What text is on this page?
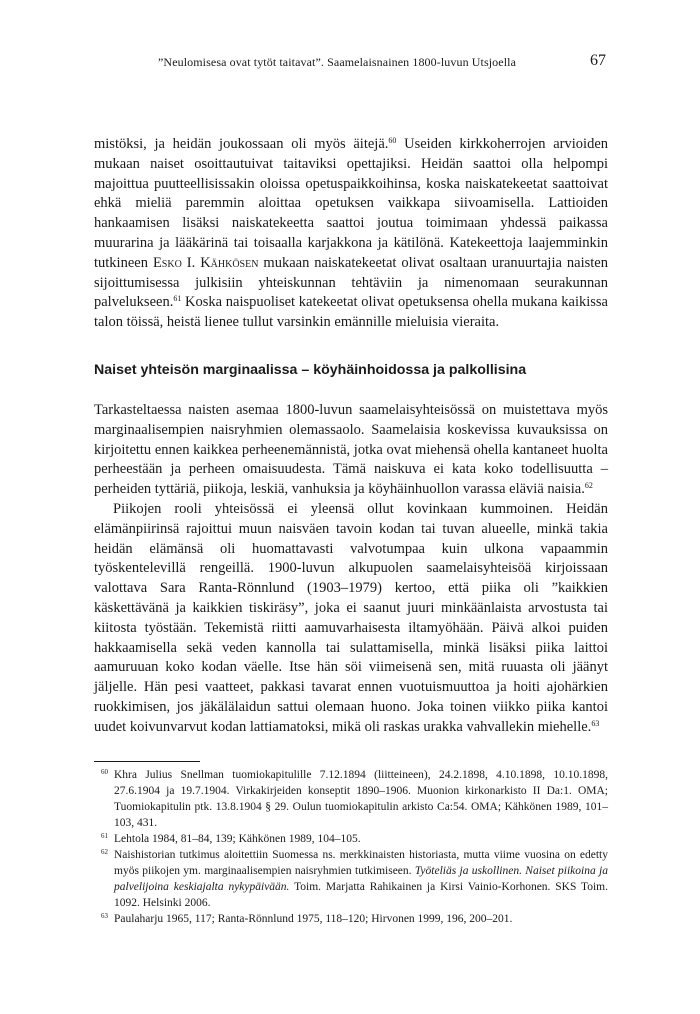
”Neulomisesa ovat tytöt taitavat”. Saamelaisnainen 1800-luvun Utsjoella	67

mistöksi, ja heidän joukossaan oli myös äitejä.$^{60}$ Useiden kirkkoherrojen arvioiden mukaan naiset osoittautuivat taitaviksi opettajiksi. Heidän saattoi olla helpompi majoittua puutteellisissakin oloissa opetuspaikkoihinsa, koska naiskatekeetat saattoivat ehkä mieliä paremmin aloittaa opetuksen vaikkapa siivoamisella. Lattioiden hankaamisen lisäksi naiskatekeetta saattoi joutua toimimaan yhdessä paikassa muurarina ja lääkärinä tai toisaalla karjakkona ja kätilönä. Katekeettoja laajemminkin tutkineen Esko I. Kähkösen mukaan naiskatekeetat olivat osaltaan uranuurtajia naisten sijoittumisessa julkisiin yhteiskunnan tehtäviin ja nimenomaan seurakunnan palvelukseen.$^{61}$ Koska naispuoliset katekeetat olivat opetuksensa ohella mukana kaikissa talon töissä, heistä lienee tullut varsinkin emännille mieluisia vieraita.

Naiset yhteisön marginaalissa – köyhäinhoidossa ja palkollisina

Tarkasteltaessa naisten asemaa 1800-luvun saamelaisyhteisössä on muistettava myös marginaalisempien naisryhmien olemassaolo. Saamelaisia koskevissa kuvauksissa on kirjoitettu ennen kaikkea perheenemännistä, jotka ovat miehensä ohella kantaneet huolta perheestään ja perheen omaisuudesta. Tämä naiskuva ei kata koko todellisuutta – perheiden tyttäriä, piikoja, leskiä, vanhuksia ja köyhäinhuollon varassa eläviä naisia.$^{62}$

Piikojen rooli yhteisössä ei yleensä ollut kovinkaan kummoinen. Heidän elämänpiirinsä rajoittui muun naisväen tavoin kodan tai tuvan alueelle, minkä takia heidän elämänsä oli huomattavasti valvotumpaa kuin ulkona vapaammin työskentelevillä rengeillä. 1900-luvun alkupuolen saamelaisyhteisöä kirjoissaan valottava Sara Ranta-Rönnlund (1903–1979) kertoo, että piika oli ”kaikkien käskettävänä ja kaikkien tiskiräsy”, joka ei saanut juuri minkäänlaista arvostusta tai kiitosta työstään. Tekemistä riitti aamuvarhaisesta iltamyöhään. Päivä alkoi puiden hakkaamisella sekä veden kannolla tai sulattamisella, minkä lisäksi piika laittoi aamuruuan koko kodan väelle. Itse hän söi viimeisenä sen, mitä ruuasta oli jäänyt jäljelle. Hän pesi vaatteet, pakkasi tavarat ennen vuotuismuuttoa ja hoiti ajohärkien ruokkimisen, jos jäkälälaidun sattui olemaan huono. Joka toinen viikko piika kantoi uudet koivunvarvut kodan lattiamatoksi, mikä oli raskas urakka vahvallekin miehelle.$^{63}$

60 Khra Julius Snellman tuomiokapitulille 7.12.1894 (liitteineen), 24.2.1898, 4.10.1898, 10.10.1898, 27.6.1904 ja 19.7.1904. Virkakirjeiden konseptit 1890–1906. Muonion kirkonarkisto II Da:1. OMA; Tuomiokapitulin ptk. 13.8.1904 § 29. Oulun tuomiokapitulin arkisto Ca:54. OMA; Kähkönen 1989, 101–103, 431.

61 Lehtola 1984, 81–84, 139; Kähkönen 1989, 104–105.

62 Naishistorian tutkimus aloitettiin Suomessa ns. merkkinaisten historiasta, mutta viime vuosina on edetty myös piikojen ym. marginaalisempien naisryhmien tutkimiseen. Työteliäs ja uskollinen. Naiset piikoina ja palvelijoina keskiajalta nykypäivään. Toim. Marjatta Rahikainen ja Kirsi Vainio-Korhonen. SKS Toim. 1092. Helsinki 2006.

63 Paulaharju 1965, 117; Ranta-Rönnlund 1975, 118–120; Hirvonen 1999, 196, 200–201.
